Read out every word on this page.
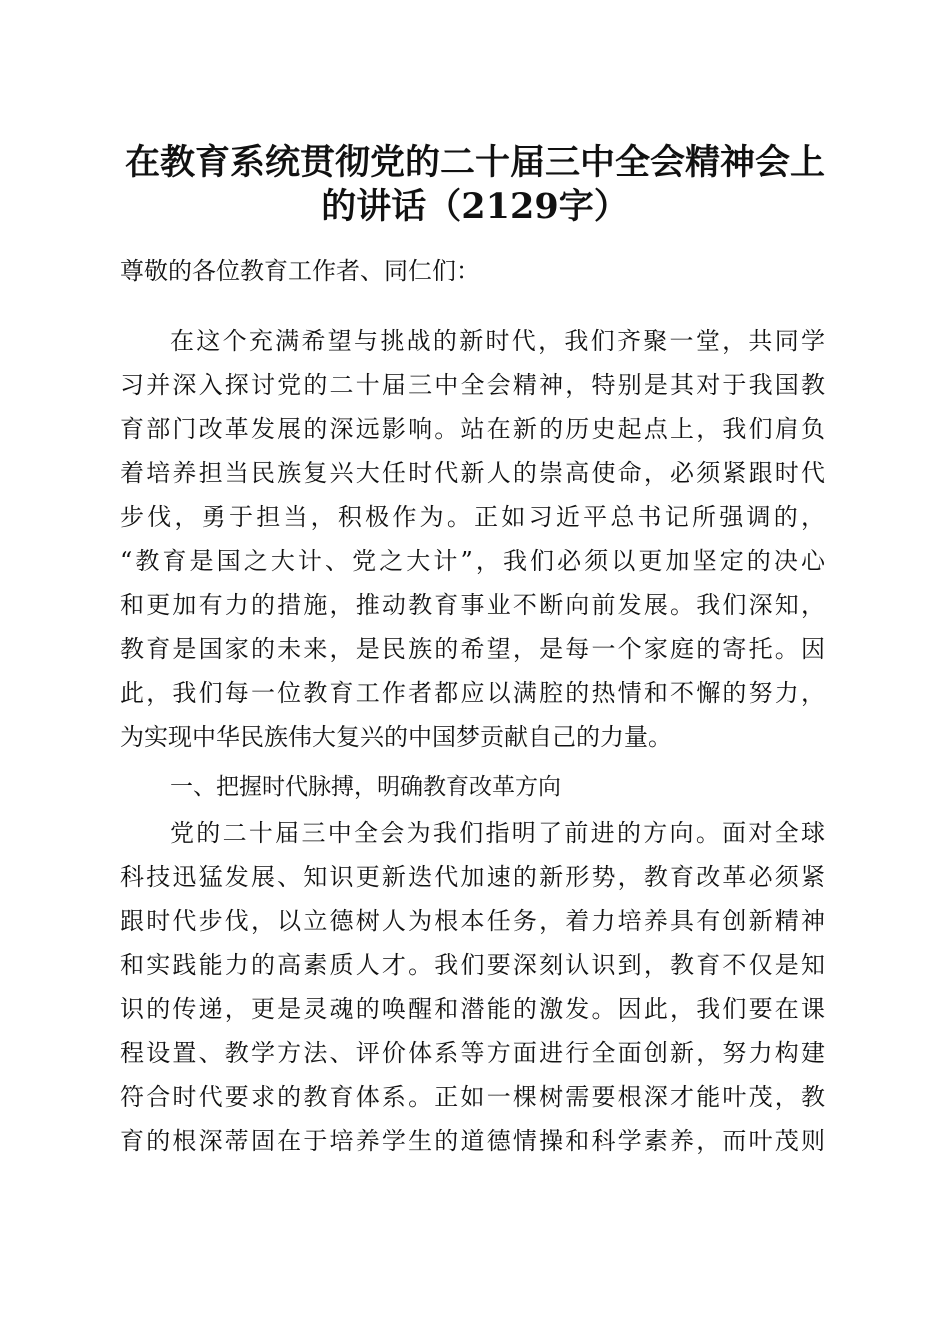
在教育系统贯彻党的二十届三中全会精神会上
的讲话（2129字）
尊敬的各位教育工作者、同仁们：
在这个充满希望与挑战的新时代，我们齐聚一堂，共同学
习并深入探讨党的二十届三中全会精神，特别是其对于我国教
育部门改革发展的深远影响。站在新的历史起点上，我们肩负
着培养担当民族复兴大任时代新人的崇高使命，必须紧跟时代
步伐，勇于担当，积极作为。正如习近平总书记所强调的，
“教育是国之大计、党之大计”，我们必须以更加坚定的决心
和更加有力的措施，推动教育事业不断向前发展。我们深知，
教育是国家的未来，是民族的希望，是每一个家庭的寄托。因
此，我们每一位教育工作者都应以满腔的热情和不懈的努力，
为实现中华民族伟大复兴的中国梦贡献自己的力量。
一、把握时代脉搏，明确教育改革方向
党的二十届三中全会为我们指明了前进的方向。面对全球
科技迅猛发展、知识更新迭代加速的新形势，教育改革必须紧
跟时代步伐，以立德树人为根本任务，着力培养具有创新精神
和实践能力的高素质人才。我们要深刻认识到，教育不仅是知
识的传递，更是灵魂的唤醒和潜能的激发。因此，我们要在课
程设置、教学方法、评价体系等方面进行全面创新，努力构建
符合时代要求的教育体系。正如一棵树需要根深才能叶茂，教
育的根深蒂固在于培养学生的道德情操和科学素养，而叶茂则
